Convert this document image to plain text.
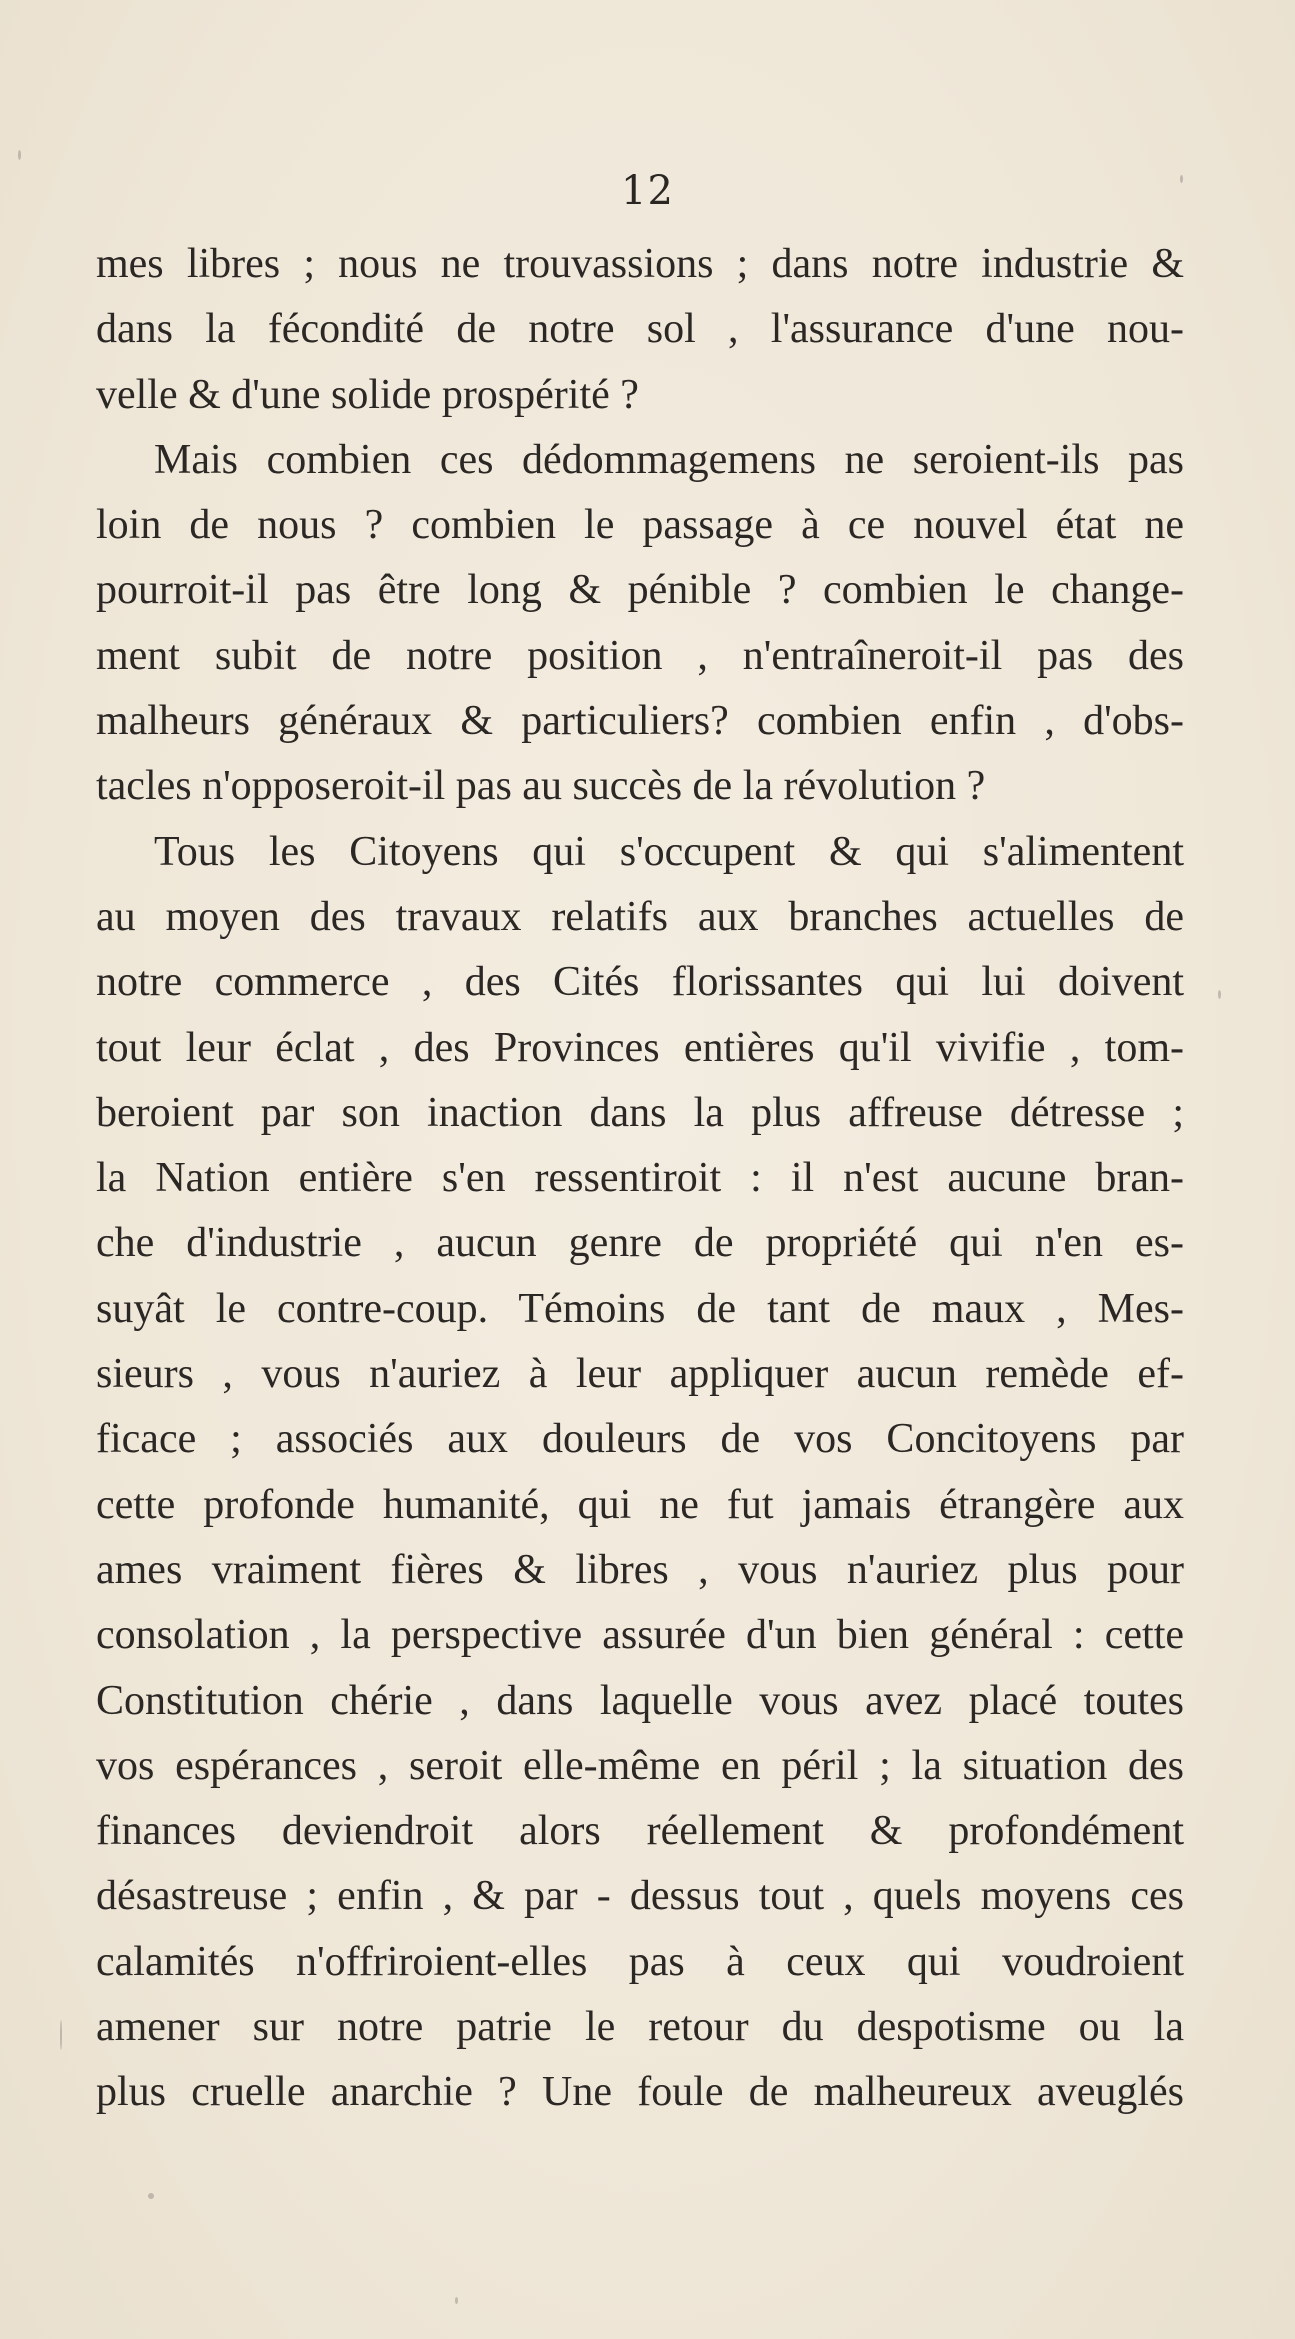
12
mes libres ; nous ne trouvassions ; dans notre industrie &
dans la fécondité de notre sol , l'assurance d'une nou-
velle & d'une solide prospérité ?
Mais combien ces dédommagemens ne seroient-ils pas
loin de nous ? combien le passage à ce nouvel état ne
pourroit-il pas être long & pénible ? combien le change-
ment subit de notre position , n'entraîneroit-il pas des
malheurs généraux & particuliers? combien enfin , d'obs-
tacles n'opposeroit-il pas au succès de la révolution ?
Tous les Citoyens qui s'occupent & qui s'alimentent
au moyen des travaux relatifs aux branches actuelles de
notre commerce , des Cités florissantes qui lui doivent
tout leur éclat , des Provinces entières qu'il vivifie , tom-
beroient par son inaction dans la plus affreuse détresse ;
la Nation entière s'en ressentiroit : il n'est aucune bran-
che d'industrie , aucun genre de propriété qui n'en es-
suyât le contre-coup. Témoins de tant de maux , Mes-
sieurs , vous n'auriez à leur appliquer aucun remède ef-
ficace ; associés aux douleurs de vos Concitoyens par
cette profonde humanité, qui ne fut jamais étrangère aux
ames vraiment fières & libres , vous n'auriez plus pour
consolation , la perspective assurée d'un bien général : cette
Constitution chérie , dans laquelle vous avez placé toutes
vos espérances , seroit elle-même en péril ; la situation des
finances deviendroit alors réellement & profondément
désastreuse ; enfin , & par - dessus tout , quels moyens ces
calamités n'offriroient-elles pas à ceux qui voudroient
amener sur notre patrie le retour du despotisme ou la
plus cruelle anarchie ? Une foule de malheureux aveuglés
